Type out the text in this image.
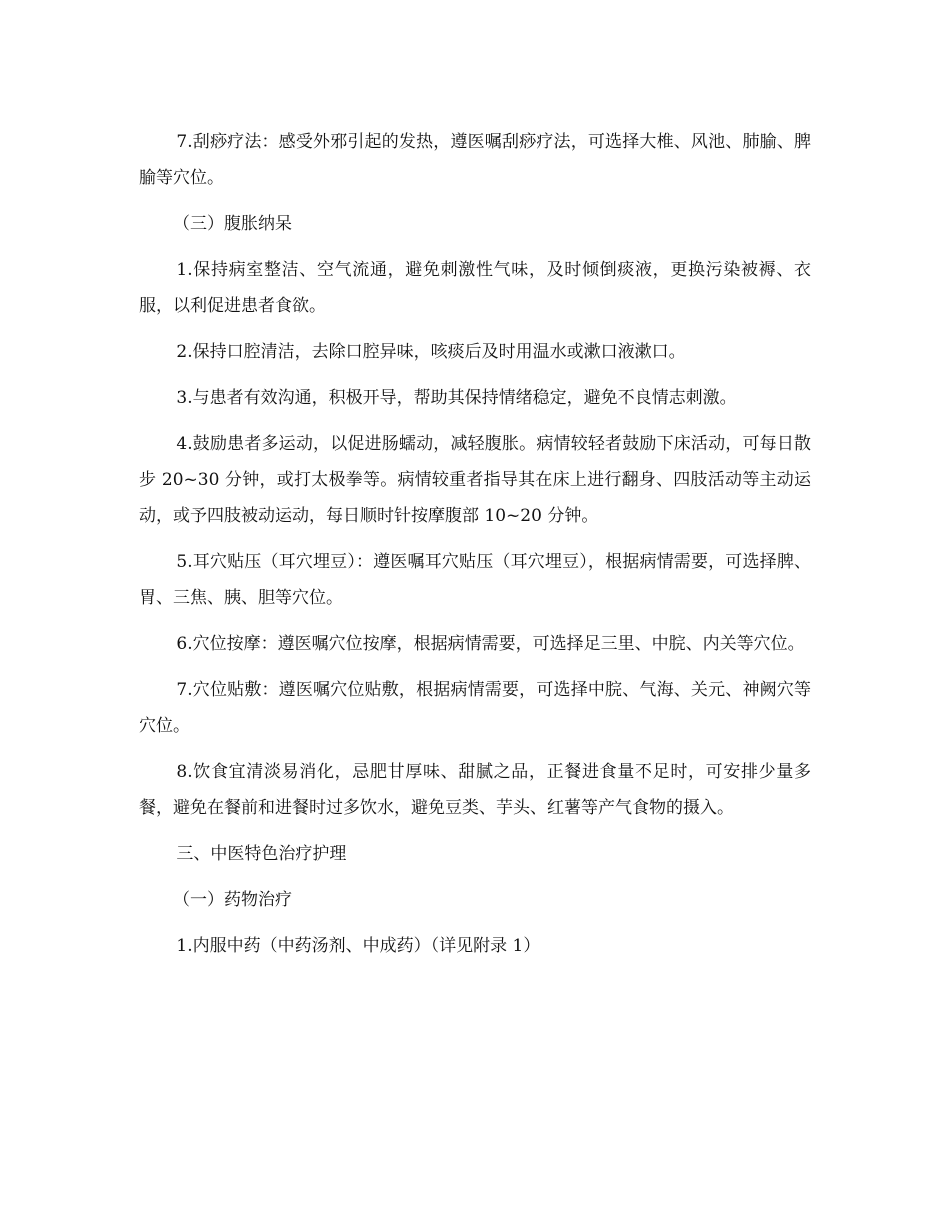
7.刮痧疗法：感受外邪引起的发热，遵医嘱刮痧疗法，可选择大椎、风池、肺腧、脾腧等穴位。

（三）腹胀纳呆

1.保持病室整洁、空气流通，避免刺激性气味，及时倾倒痰液，更换污染被褥、衣服，以利促进患者食欲。

2.保持口腔清洁，去除口腔异味，咳痰后及时用温水或漱口液漱口。

3.与患者有效沟通，积极开导，帮助其保持情绪稳定，避免不良情志刺激。

4.鼓励患者多运动，以促进肠蠕动，减轻腹胀。病情较轻者鼓励下床活动，可每日散步 20~30 分钟，或打太极拳等。病情较重者指导其在床上进行翻身、四肢活动等主动运动，或予四肢被动运动，每日顺时针按摩腹部 10~20 分钟。

5.耳穴贴压（耳穴埋豆）：遵医嘱耳穴贴压（耳穴埋豆），根据病情需要，可选择脾、胃、三焦、胰、胆等穴位。

6.穴位按摩：遵医嘱穴位按摩，根据病情需要，可选择足三里、中脘、内关等穴位。

7.穴位贴敷：遵医嘱穴位贴敷，根据病情需要，可选择中脘、气海、关元、神阙穴等穴位。

8.饮食宜清淡易消化，忌肥甘厚味、甜腻之品，正餐进食量不足时，可安排少量多餐，避免在餐前和进餐时过多饮水，避免豆类、芋头、红薯等产气食物的摄入。

三、中医特色治疗护理

（一）药物治疗

1.内服中药（中药汤剂、中成药）（详见附录 1）
